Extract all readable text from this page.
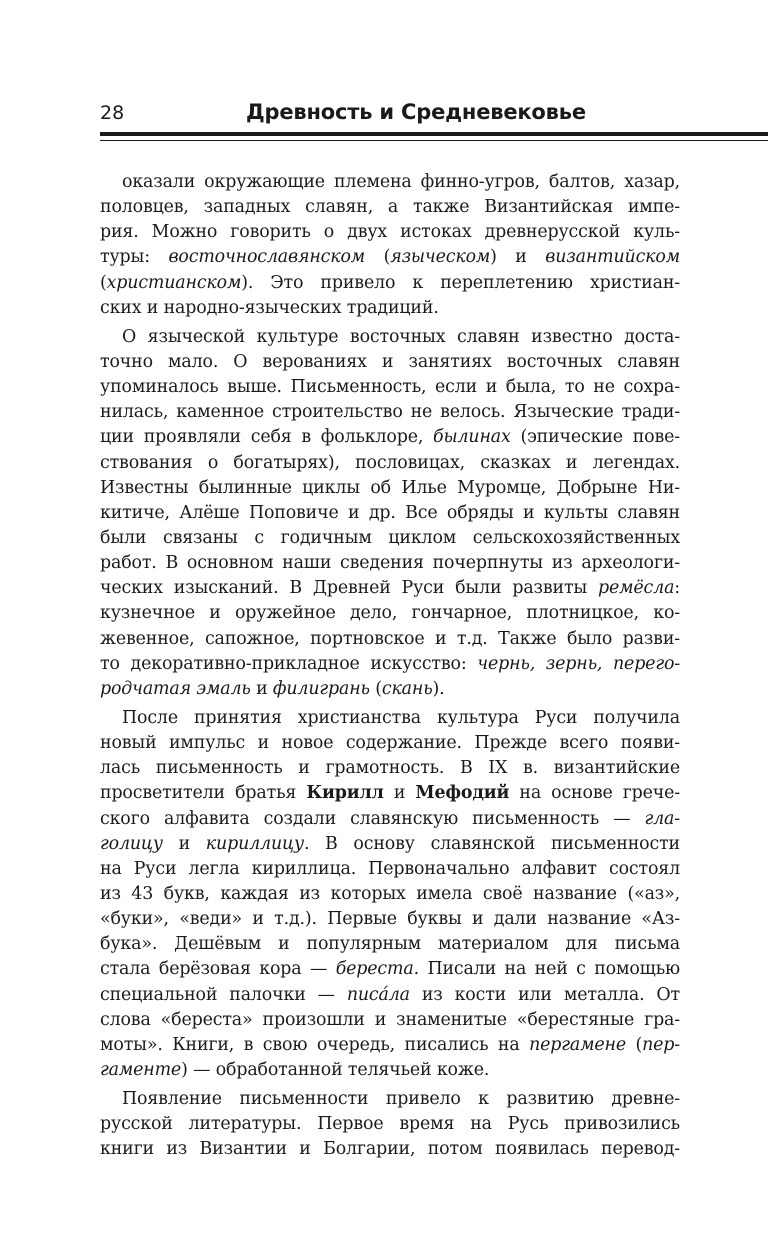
28	Древность и Средневековье
оказали окружающие племена финно-угров, балтов, хазар,
половцев, западных славян, а также Византийская импе-
рия. Можно говорить о двух истоках древнерусской куль-
туры: восточнославянском (языческом) и византийском
(христианском). Это привело к переплетению христиан-
ских и народно-языческих традиций.
О языческой культуре восточных славян известно доста-
точно мало. О верованиях и занятиях восточных славян
упоминалось выше. Письменность, если и была, то не сохра-
нилась, каменное строительство не велось. Языческие тради-
ции проявляли себя в фольклоре, былинах (эпические пове-
ствования о богатырях), пословицах, сказках и легендах.
Известны былинные циклы об Илье Муромце, Добрыне Ни-
китиче, Алёше Поповиче и др. Все обряды и культы славян
были связаны с годичным циклом сельскохозяйственных
работ. В основном наши сведения почерпнуты из археологи-
ческих изысканий. В Древней Руси были развиты ремёсла:
кузнечное и оружейное дело, гончарное, плотницкое, ко-
жевенное, сапожное, портновское и т.д. Также было разви-
то декоративно-прикладное искусство: чернь, зернь, перего-
родчатая эмаль и филигрань (скань).
После принятия христианства культура Руси получила
новый импульс и новое содержание. Прежде всего появи-
лась письменность и грамотность. В IX в. византийские
просветители братья Кирилл и Мефодий на основе грече-
ского алфавита создали славянскую письменность — гла-
голицу и кириллицу. В основу славянской письменности
на Руси легла кириллица. Первоначально алфавит состоял
из 43 букв, каждая из которых имела своё название («аз»,
«буки», «веди» и т.д.). Первые буквы и дали название «Аз-
бука». Дешёвым и популярным материалом для письма
стала берёзовая кора — береста. Писали на ней с помощью
специальной палочки — писáла из кости или металла. От
слова «береста» произошли и знаменитые «берестяные гра-
моты». Книги, в свою очередь, писались на пергамене (пер-
гаменте) — обработанной телячьей коже.
Появление письменности привело к развитию древне-
русской литературы. Первое время на Русь привозились
книги из Византии и Болгарии, потом появилась перевод-
